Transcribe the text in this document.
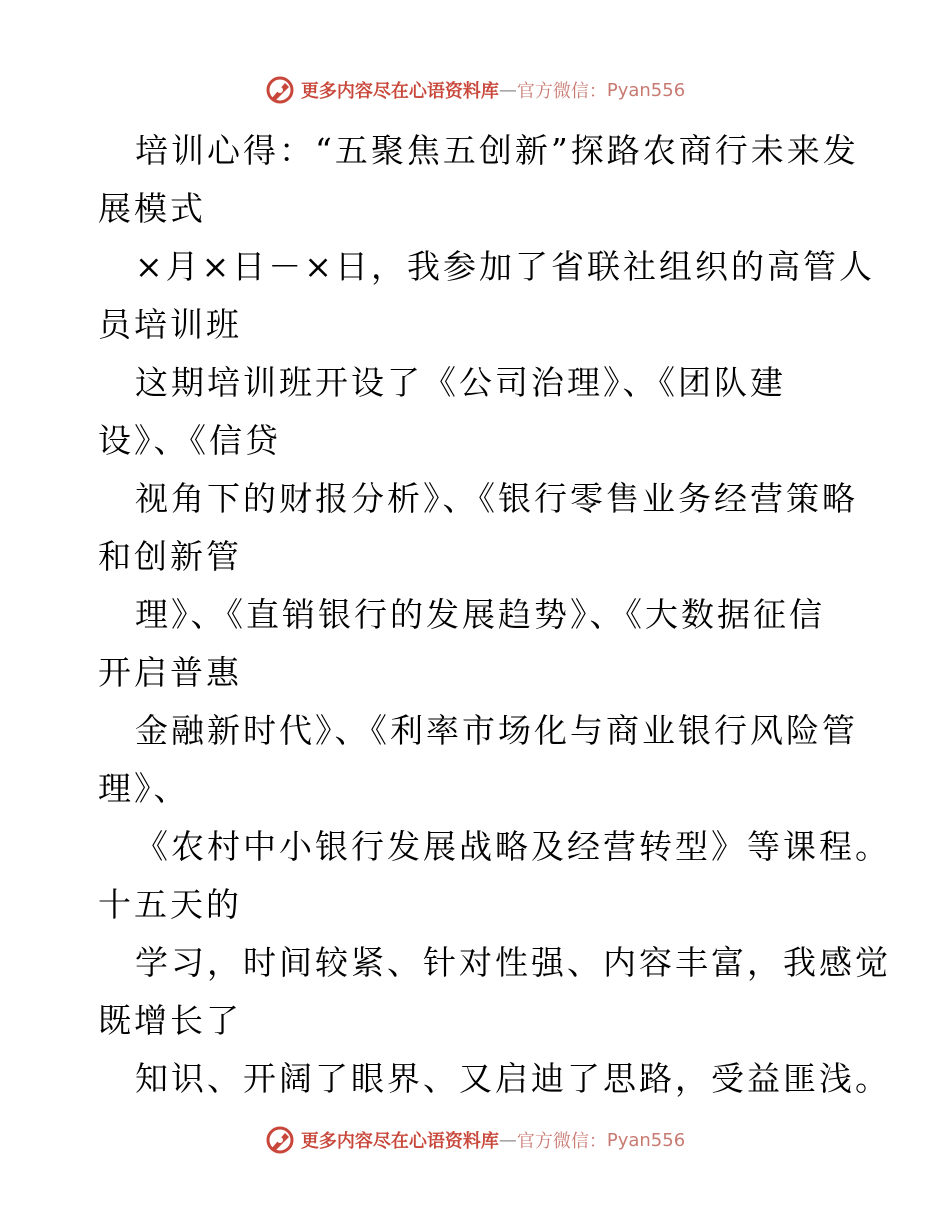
更多内容尽在心语资料库 — 官方微信： Pyan556

培训心得：“五聚焦五创新”探路农商行未来发

展模式

×月×日－×日，我参加了省联社组织的高管人

员培训班

这期培训班开设了《公司治理》、《团队建

设》、《信贷

视角下的财报分析》、《银行零售业务经营策略

和创新管

理》、《直销银行的发展趋势》、《大数据征信

开启普惠

金融新时代》、《利率市场化与商业银行风险管

理》、

《农村中小银行发展战略及经营转型》等课程。

十五天的

学习，时间较紧、针对性强、内容丰富，我感觉

既增长了

知识、开阔了眼界、又启迪了思路，受益匪浅。

更多内容尽在心语资料库 — 官方微信： Pyan556
